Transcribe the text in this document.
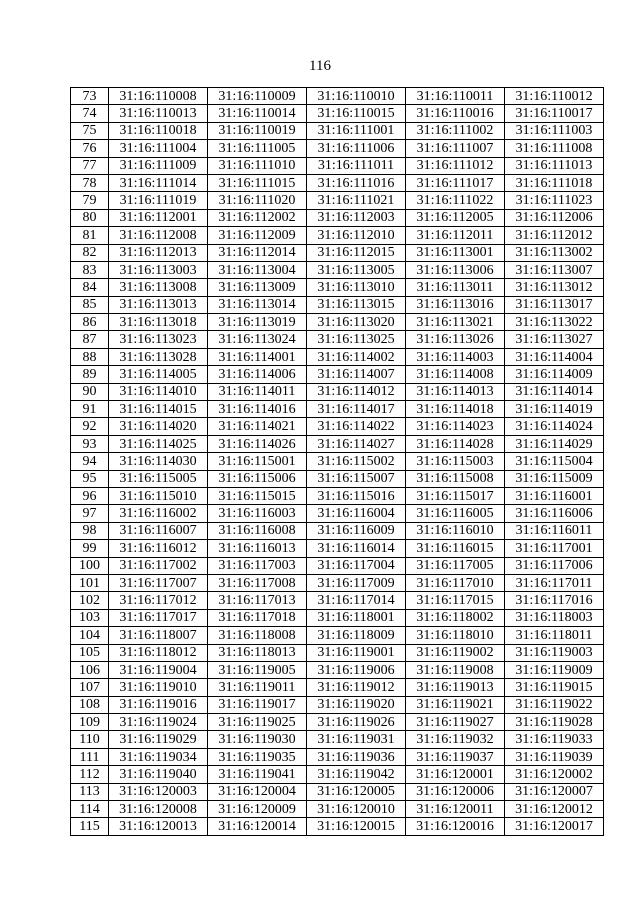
116
73	31:16:110008	31:16:110009	31:16:110010	31:16:110011	31:16:110012
74	31:16:110013	31:16:110014	31:16:110015	31:16:110016	31:16:110017
75	31:16:110018	31:16:110019	31:16:111001	31:16:111002	31:16:111003
76	31:16:111004	31:16:111005	31:16:111006	31:16:111007	31:16:111008
77	31:16:111009	31:16:111010	31:16:111011	31:16:111012	31:16:111013
78	31:16:111014	31:16:111015	31:16:111016	31:16:111017	31:16:111018
79	31:16:111019	31:16:111020	31:16:111021	31:16:111022	31:16:111023
80	31:16:112001	31:16:112002	31:16:112003	31:16:112005	31:16:112006
81	31:16:112008	31:16:112009	31:16:112010	31:16:112011	31:16:112012
82	31:16:112013	31:16:112014	31:16:112015	31:16:113001	31:16:113002
83	31:16:113003	31:16:113004	31:16:113005	31:16:113006	31:16:113007
84	31:16:113008	31:16:113009	31:16:113010	31:16:113011	31:16:113012
85	31:16:113013	31:16:113014	31:16:113015	31:16:113016	31:16:113017
86	31:16:113018	31:16:113019	31:16:113020	31:16:113021	31:16:113022
87	31:16:113023	31:16:113024	31:16:113025	31:16:113026	31:16:113027
88	31:16:113028	31:16:114001	31:16:114002	31:16:114003	31:16:114004
89	31:16:114005	31:16:114006	31:16:114007	31:16:114008	31:16:114009
90	31:16:114010	31:16:114011	31:16:114012	31:16:114013	31:16:114014
91	31:16:114015	31:16:114016	31:16:114017	31:16:114018	31:16:114019
92	31:16:114020	31:16:114021	31:16:114022	31:16:114023	31:16:114024
93	31:16:114025	31:16:114026	31:16:114027	31:16:114028	31:16:114029
94	31:16:114030	31:16:115001	31:16:115002	31:16:115003	31:16:115004
95	31:16:115005	31:16:115006	31:16:115007	31:16:115008	31:16:115009
96	31:16:115010	31:16:115015	31:16:115016	31:16:115017	31:16:116001
97	31:16:116002	31:16:116003	31:16:116004	31:16:116005	31:16:116006
98	31:16:116007	31:16:116008	31:16:116009	31:16:116010	31:16:116011
99	31:16:116012	31:16:116013	31:16:116014	31:16:116015	31:16:117001
100	31:16:117002	31:16:117003	31:16:117004	31:16:117005	31:16:117006
101	31:16:117007	31:16:117008	31:16:117009	31:16:117010	31:16:117011
102	31:16:117012	31:16:117013	31:16:117014	31:16:117015	31:16:117016
103	31:16:117017	31:16:117018	31:16:118001	31:16:118002	31:16:118003
104	31:16:118007	31:16:118008	31:16:118009	31:16:118010	31:16:118011
105	31:16:118012	31:16:118013	31:16:119001	31:16:119002	31:16:119003
106	31:16:119004	31:16:119005	31:16:119006	31:16:119008	31:16:119009
107	31:16:119010	31:16:119011	31:16:119012	31:16:119013	31:16:119015
108	31:16:119016	31:16:119017	31:16:119020	31:16:119021	31:16:119022
109	31:16:119024	31:16:119025	31:16:119026	31:16:119027	31:16:119028
110	31:16:119029	31:16:119030	31:16:119031	31:16:119032	31:16:119033
111	31:16:119034	31:16:119035	31:16:119036	31:16:119037	31:16:119039
112	31:16:119040	31:16:119041	31:16:119042	31:16:120001	31:16:120002
113	31:16:120003	31:16:120004	31:16:120005	31:16:120006	31:16:120007
114	31:16:120008	31:16:120009	31:16:120010	31:16:120011	31:16:120012
115	31:16:120013	31:16:120014	31:16:120015	31:16:120016	31:16:120017
